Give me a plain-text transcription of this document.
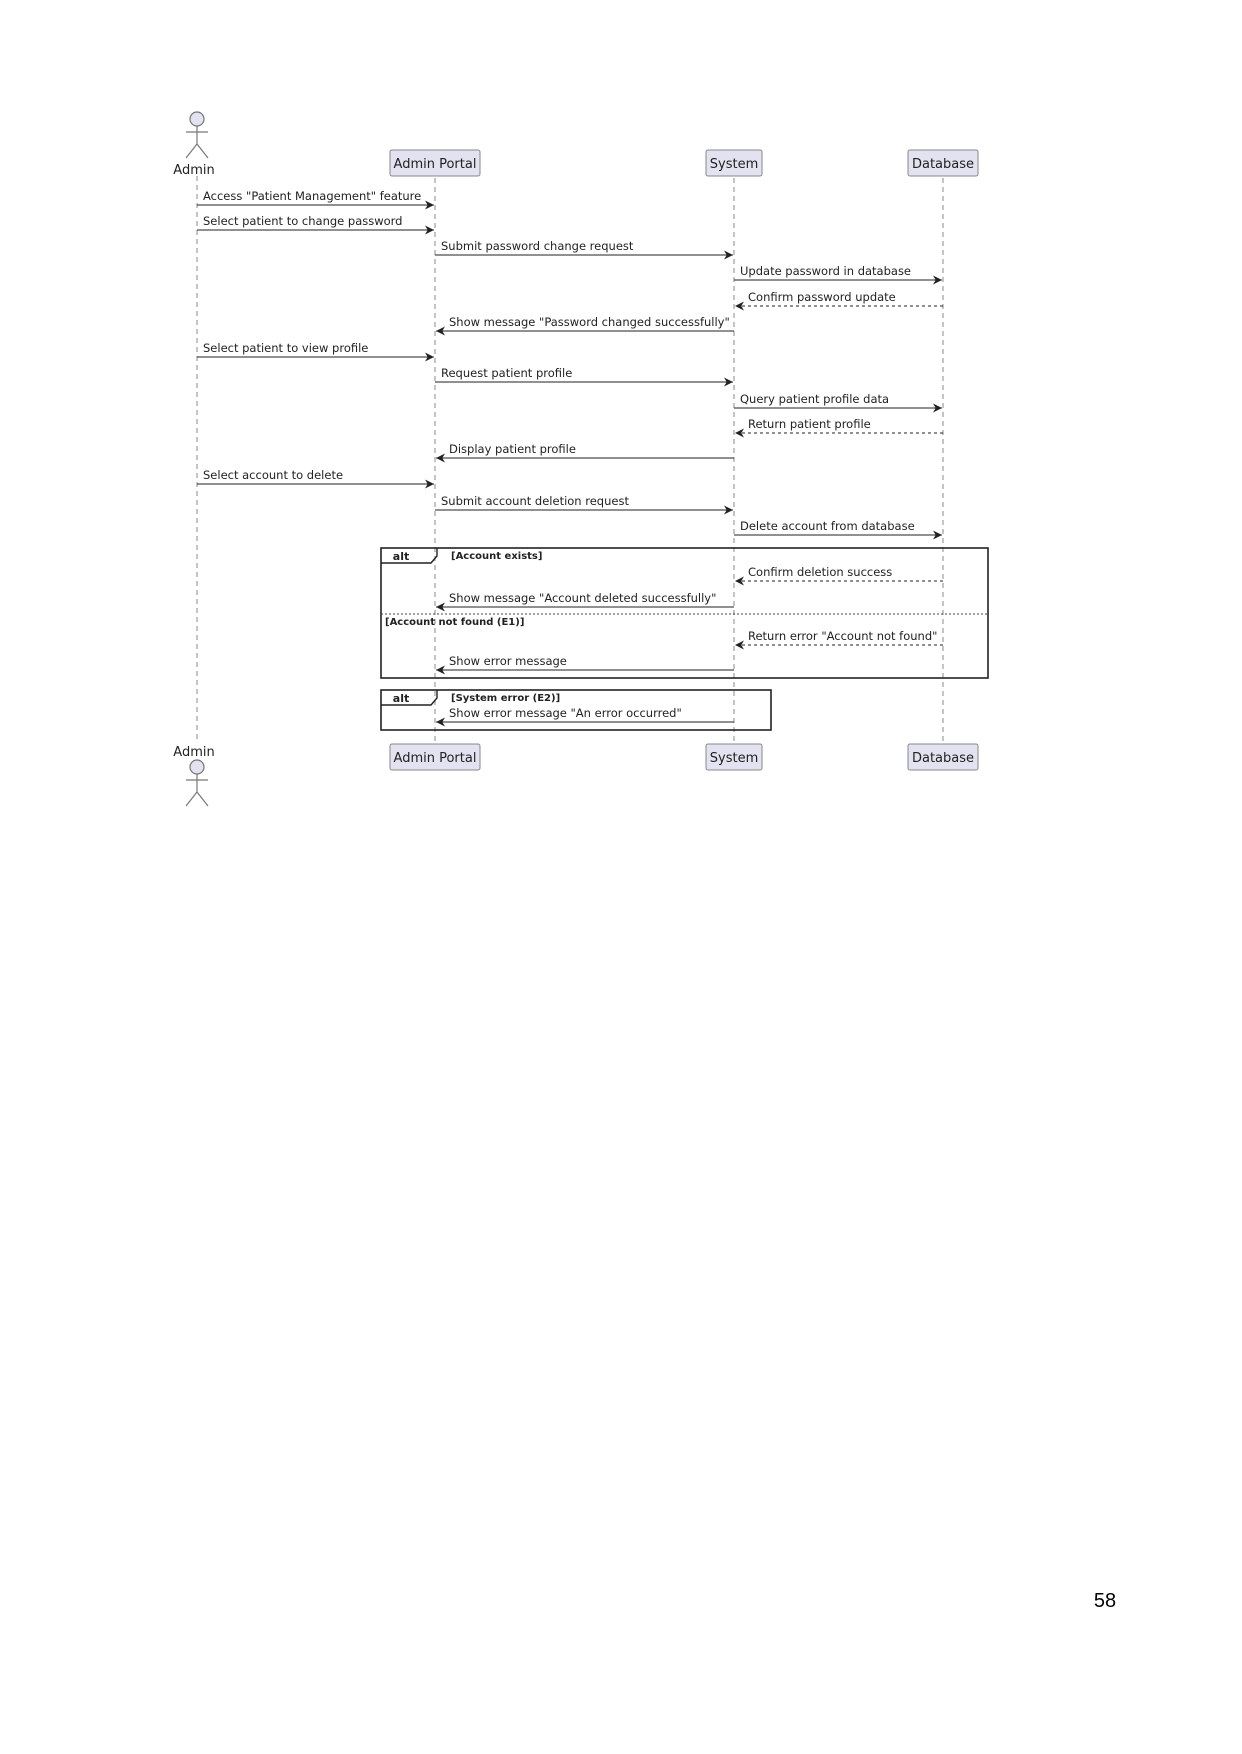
alt	[Account exists]
[Account not found (E1)]
alt	[System error (E2)]
Access "Patient Management" feature
Select patient to change password
Submit password change request
Update password in database
Confirm password update
Show message "Password changed successfully"
Select patient to view profile
Request patient profile
Query patient profile data
Return patient profile
Display patient profile
Select account to delete
Submit account deletion request
Delete account from database
Confirm deletion success
Show message "Account deleted successfully"
Return error "Account not found"
Show error message
Show error message "An error occurred"
Admin
Admin
Admin Portal
Admin Portal
System
System
Database
Database
58
